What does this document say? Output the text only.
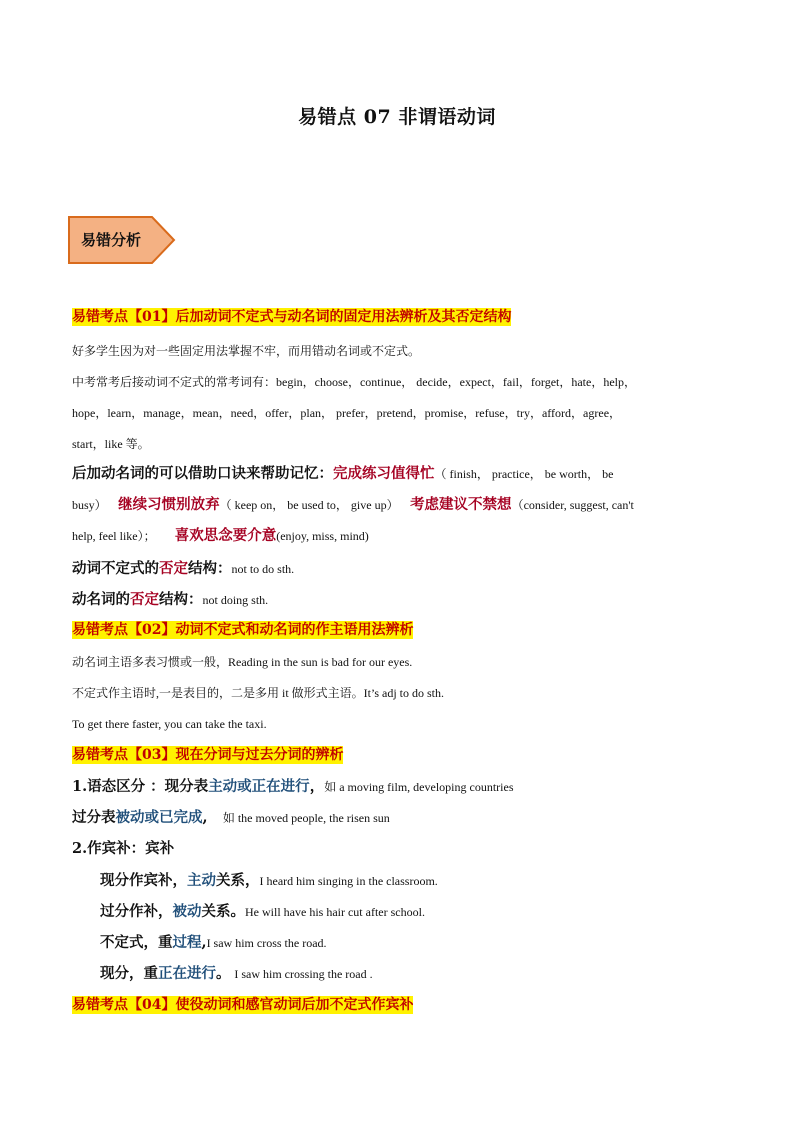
易错点 07 非谓语动词
易错分析
易错考点【01】后加动词不定式与动名词的固定用法辨析及其否定结构
好多学生因为对一些固定用法掌握不牢，而用错动名词或不定式。
中考常考后接动词不定式的常考词有：begin，choose，continue， decide，expect，fail，forget，hate，help，
hope，learn，manage，mean，need，offer，plan， prefer，pretend，promise，refuse，try，afford，agree，
start，like 等。
后加动名词的可以借助口诀来帮助记忆：完成练习值得忙（ finish， practice， be worth， be
busy） 继续习惯别放弃（ keep on， be used to， give up） 考虑建议不禁想（consider, suggest, can't
help, feel like）； 喜欢思念要介意(enjoy, miss, mind)
动词不定式的否定结构：not to do sth.
动名词的否定结构：not doing sth.
易错考点【02】动词不定式和动名词的作主语用法辨析
动名词主语多表习惯或一般，Reading in the sun is bad for our eyes.
不定式作主语时,一是表目的，二是多用 it 做形式主语。It’s adj to do sth.
To get there faster, you can take the taxi.
易错考点【03】现在分词与过去分词的辨析
1.语态区分 ：现分表主动或正在进行，如 a moving film, developing countries
过分表被动或已完成, 如 the moved people, the risen sun
2.作宾补：宾补
现分作宾补，主动关系，I heard him singing in the classroom.
过分作补，被动关系。He will have his hair cut after school.
不定式，重过程,I saw him cross the road.
现分，重正在进行。 I saw him crossing the road .
易错考点【04】使役动词和感官动词后加不定式作宾补
